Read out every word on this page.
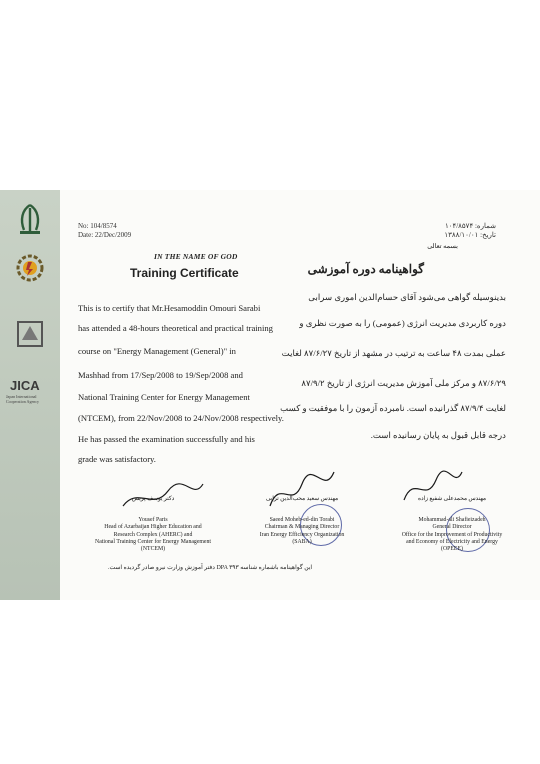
JICA
Japan International Cooperation Agency
No: 104/8574
Date: 22/Dec/2009
شماره: ۱۰۴/۸۵۷۴
تاریخ: ۱۳۸۸/۱۰/۰۱
IN THE NAME OF GOD
Training Certificate
This is to certify that Mr.Hesamoddin Omouri Sarabi
has attended a 48-hours theoretical and practical training
course on "Energy Management (General)" in
Mashhad from 17/Sep/2008 to 19/Sep/2008 and
National Training Center for Energy Management
(NTCEM), from 22/Nov/2008 to 24/Nov/2008 respectively.
He has passed the examination successfully and his
grade was satisfactory.
بسمه تعالی
گواهینامه دوره آموزشی
بدینوسیله گواهی می‌شود آقای حسام‌الدین اموری سرابی
دوره کاربردی مدیریت انرژی (عمومی) را به صورت نظری و
عملی بمدت ۴۸ ساعت به ترتیب در مشهد از تاریخ ۸۷/۶/۲۷ لغایت
۸۷/۶/۲۹ و مرکز ملی آموزش مدیریت انرژی از تاریخ ۸۷/۹/۲
لغایت ۸۷/۹/۴ گذرانیده است. نامبرده آزمون را با موفقیت و کسب
درجه قابل قبول به پایان رسانیده است.
دکتر یوسف پریس
Yousef Paris
Head of Azarbaijan Higher Education and
Research Complex (AHERC) and
National Training Center for Energy Management
(NTCEM)
مهندس سعید محب‌الدین ترابی
Saeed Moheb-ed-din Torabi
Chairman & Managing Director
Iran Energy Efficiency Organization
(SABA)
مهندس محمدعلی شفیع زاده
Mohammad-ali Shafieizadeh
General Director
Office for the Improvement of Productivity
and Economy of Electricity and Energy
(OPEEE)
این گواهینامه باشماره شناسه DPA ۳۹۳ دفتر آموزش وزارت نیرو صادر گردیده است.
